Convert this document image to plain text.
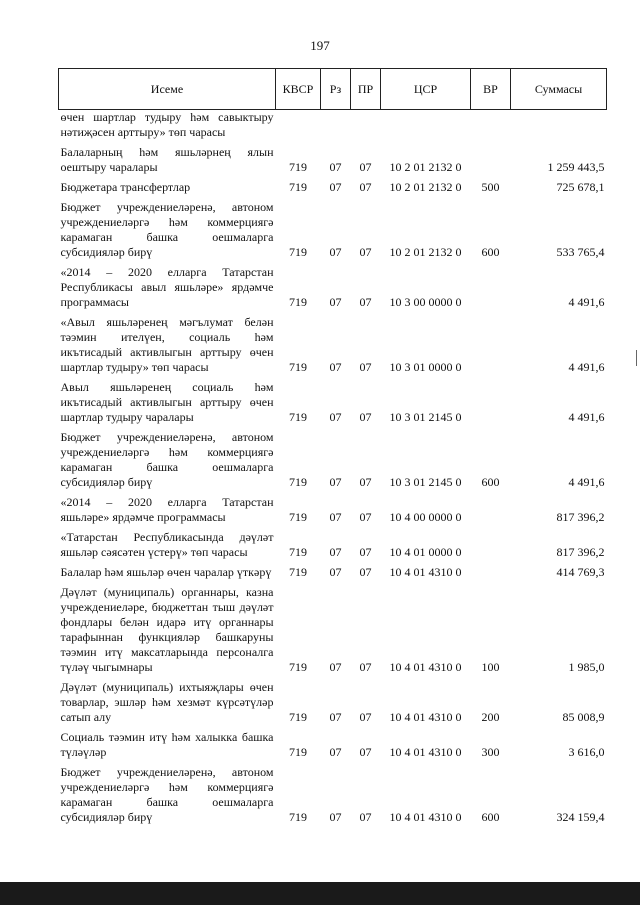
197
Исеме	КВСР	Рз	ПР	ЦСР	ВР	Суммасы
өчен шартлар тудыру һәм савыктыру нәтиҗәсен арттыру» төп чарасы						
Балаларның һәм яшьләрнең ялын оештыру чаралары	719	07	07	10 2 01 2132 0		1 259 443,5
Бюджетара трансфертлар	719	07	07	10 2 01 2132 0	500	725 678,1
Бюджет учреждениеләренә, автоном учреждениеләргә һәм коммерциягә карамаган башка оешмаларга субсидияләр бирү	719	07	07	10 2 01 2132 0	600	533 765,4
«2014 – 2020 елларга Татарстан Республикасы авыл яшьләре» ярдәмче программасы	719	07	07	10 3 00 0000 0		4 491,6
«Авыл яшьләренең мәгълумат белән тәэмин ителүен, социаль һәм икътисадый активлыгын арттыру өчен шартлар тудыру» төп чарасы	719	07	07	10 3 01 0000 0		4 491,6
Авыл яшьләренең социаль һәм икътисадый активлыгын арттыру өчен шартлар тудыру чаралары	719	07	07	10 3 01 2145 0		4 491,6
Бюджет учреждениеләренә, автоном учреждениеләргә һәм коммерциягә карамаган башка оешмаларга субсидияләр бирү	719	07	07	10 3 01 2145 0	600	4 491,6
«2014 – 2020 елларга Татарстан яшьләре» ярдәмче программасы	719	07	07	10 4 00 0000 0		817 396,2
«Татарстан Республикасында дәүләт яшьләр сәясәтен үстерү» төп чарасы	719	07	07	10 4 01 0000 0		817 396,2
Балалар һәм яшьләр өчен чаралар үткәрү	719	07	07	10 4 01 4310 0		414 769,3
Дәүләт (муниципаль) органнары, казна учреждениеләре, бюджеттан тыш дәүләт фондлары белән идарә итү органнары тарафыннан функцияләр башкаруны тәэмин итү максатларында персоналга түләү чыгымнары	719	07	07	10 4 01 4310 0	100	1 985,0
Дәүләт (муниципаль) ихтыяҗлары өчен товарлар, эшләр һәм хезмәт күрсәтүләр сатып алу	719	07	07	10 4 01 4310 0	200	85 008,9
Социаль тәэмин итү һәм халыкка башка түләүләр	719	07	07	10 4 01 4310 0	300	3 616,0
Бюджет учреждениеләренә, автоном учреждениеләргә һәм коммерциягә карамаган башка оешмаларга субсидияләр бирү	719	07	07	10 4 01 4310 0	600	324 159,4
